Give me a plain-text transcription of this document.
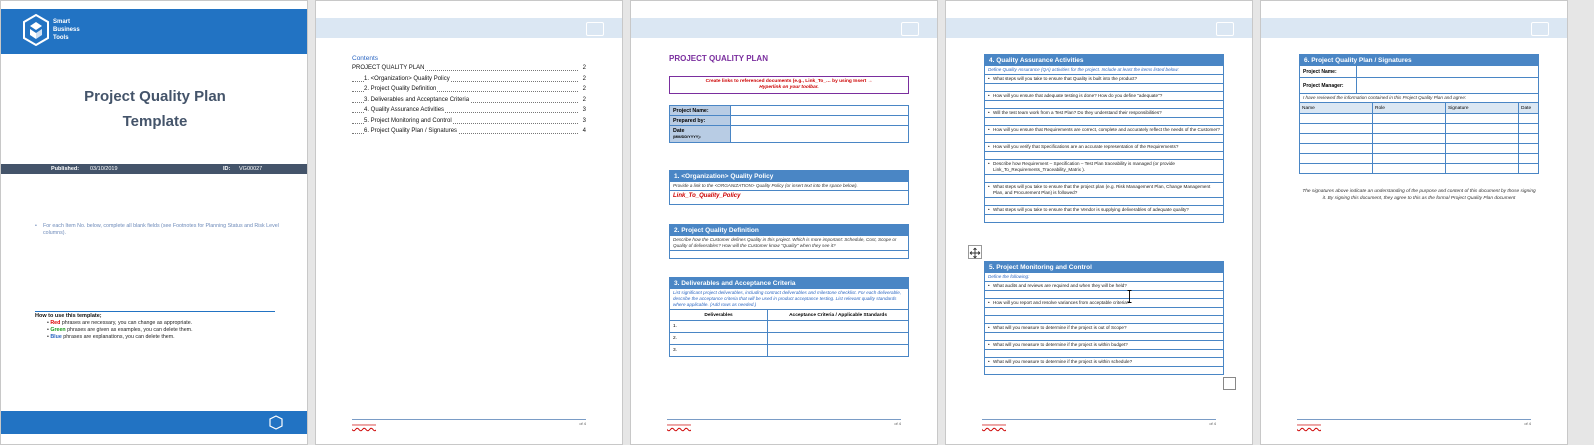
Smart
Business
Tools
Project Quality Plan
Template
Published: 03/10/2019	ID: VG00027
•	For each Item No. below, complete all blank fields (see Footnotes for Planning Status and Risk Level columns).
How to use this template;
• Red phrases are necessary, you can change as appropriate.
• Green phrases are given as examples, you can delete them.
• Blue phrases are explanations, you can delete them.
Contents
PROJECT QUALITY PLAN	2
1. <Organization> Quality Policy	2
2. Project Quality Definition	2
3. Deliverables and Acceptance Criteria	2
4. Quality Assurance Activities	3
5. Project Monitoring and Control	3
6. Project Quality Plan / Signatures	4
xxxxxxxxxxxx	of 4
PROJECT QUALITY PLAN
Create links to referenced documents (e.g., Link_To_… by using Insert →
Hyperlink on your toolbar.
Project Name:	
Prepared by:	

Date
(MM/DD/YYYY):	

1. <Organization> Quality Policy
Provide a link to the <ORGANIZATION> Quality Policy (or insert text into the space below).
Link_To_Quality_Policy
2. Project Quality Definition
Describe how the Customer defines Quality in this project. Which is more important: Schedule, Cost, Scope or Quality of deliverables? How will the Customer know "Quality" when they see it?
3. Deliverables and Acceptance Criteria
List significant project deliverables, including contract deliverables and milestone checklist. For each deliverable, describe the acceptance criteria that will be used in product acceptance testing. List relevant quality standards where applicable. (Add rows as needed.)
Deliverables	Acceptance Criteria / Applicable Standards
1.	
2.	
3.	
xxxxxxxxxxxx	of 4
4. Quality Assurance Activities
Define Quality Assurance (QA) activities for the project. Include at least the items listed below:
• What steps will you take to ensure that Quality is built into the product?
• How will you ensure that adequate testing is done? How do you define "adequate"?
• Will the test team work from a Test Plan? Do they understand their responsibilities?
• How will you ensure that Requirements are correct, complete and accurately reflect the needs of the Customer?
• How will you verify that Specifications are an accurate representation of the Requirements?
• Describe how Requirement – Specification – Test Plan traceability is managed (or provide Link_To_Requirements_Traceability_Matrix ).
• What steps will you take to ensure that the project plan (e.g. Risk Management Plan, Change Management Plan, and Procurement Plan) is followed?
• What steps will you take to ensure that the Vendor is supplying deliverables of adequate quality?
5. Project Monitoring and Control
Define the following:
• What audits and reviews are required and when they will be held?
• How will you report and resolve variances from acceptable criteria?
• What will you measure to determine if the project is out of Scope?
• What will you measure to determine if the project is within budget?
• What will you measure to determine if the project is within schedule?
xxxxxxxxxxxx	of 4
6. Project Quality Plan / Signatures
Project Name:	
Project Manager:	
I have reviewed the information contained in this Project Quality Plan and agree:
Name	Role	Signature	Date

The signatures above indicate an understanding of the purpose and content of this document by those signing it. By signing this document, they agree to this as the formal Project Quality Plan document
xxxxxxxxxxxx	of 4
